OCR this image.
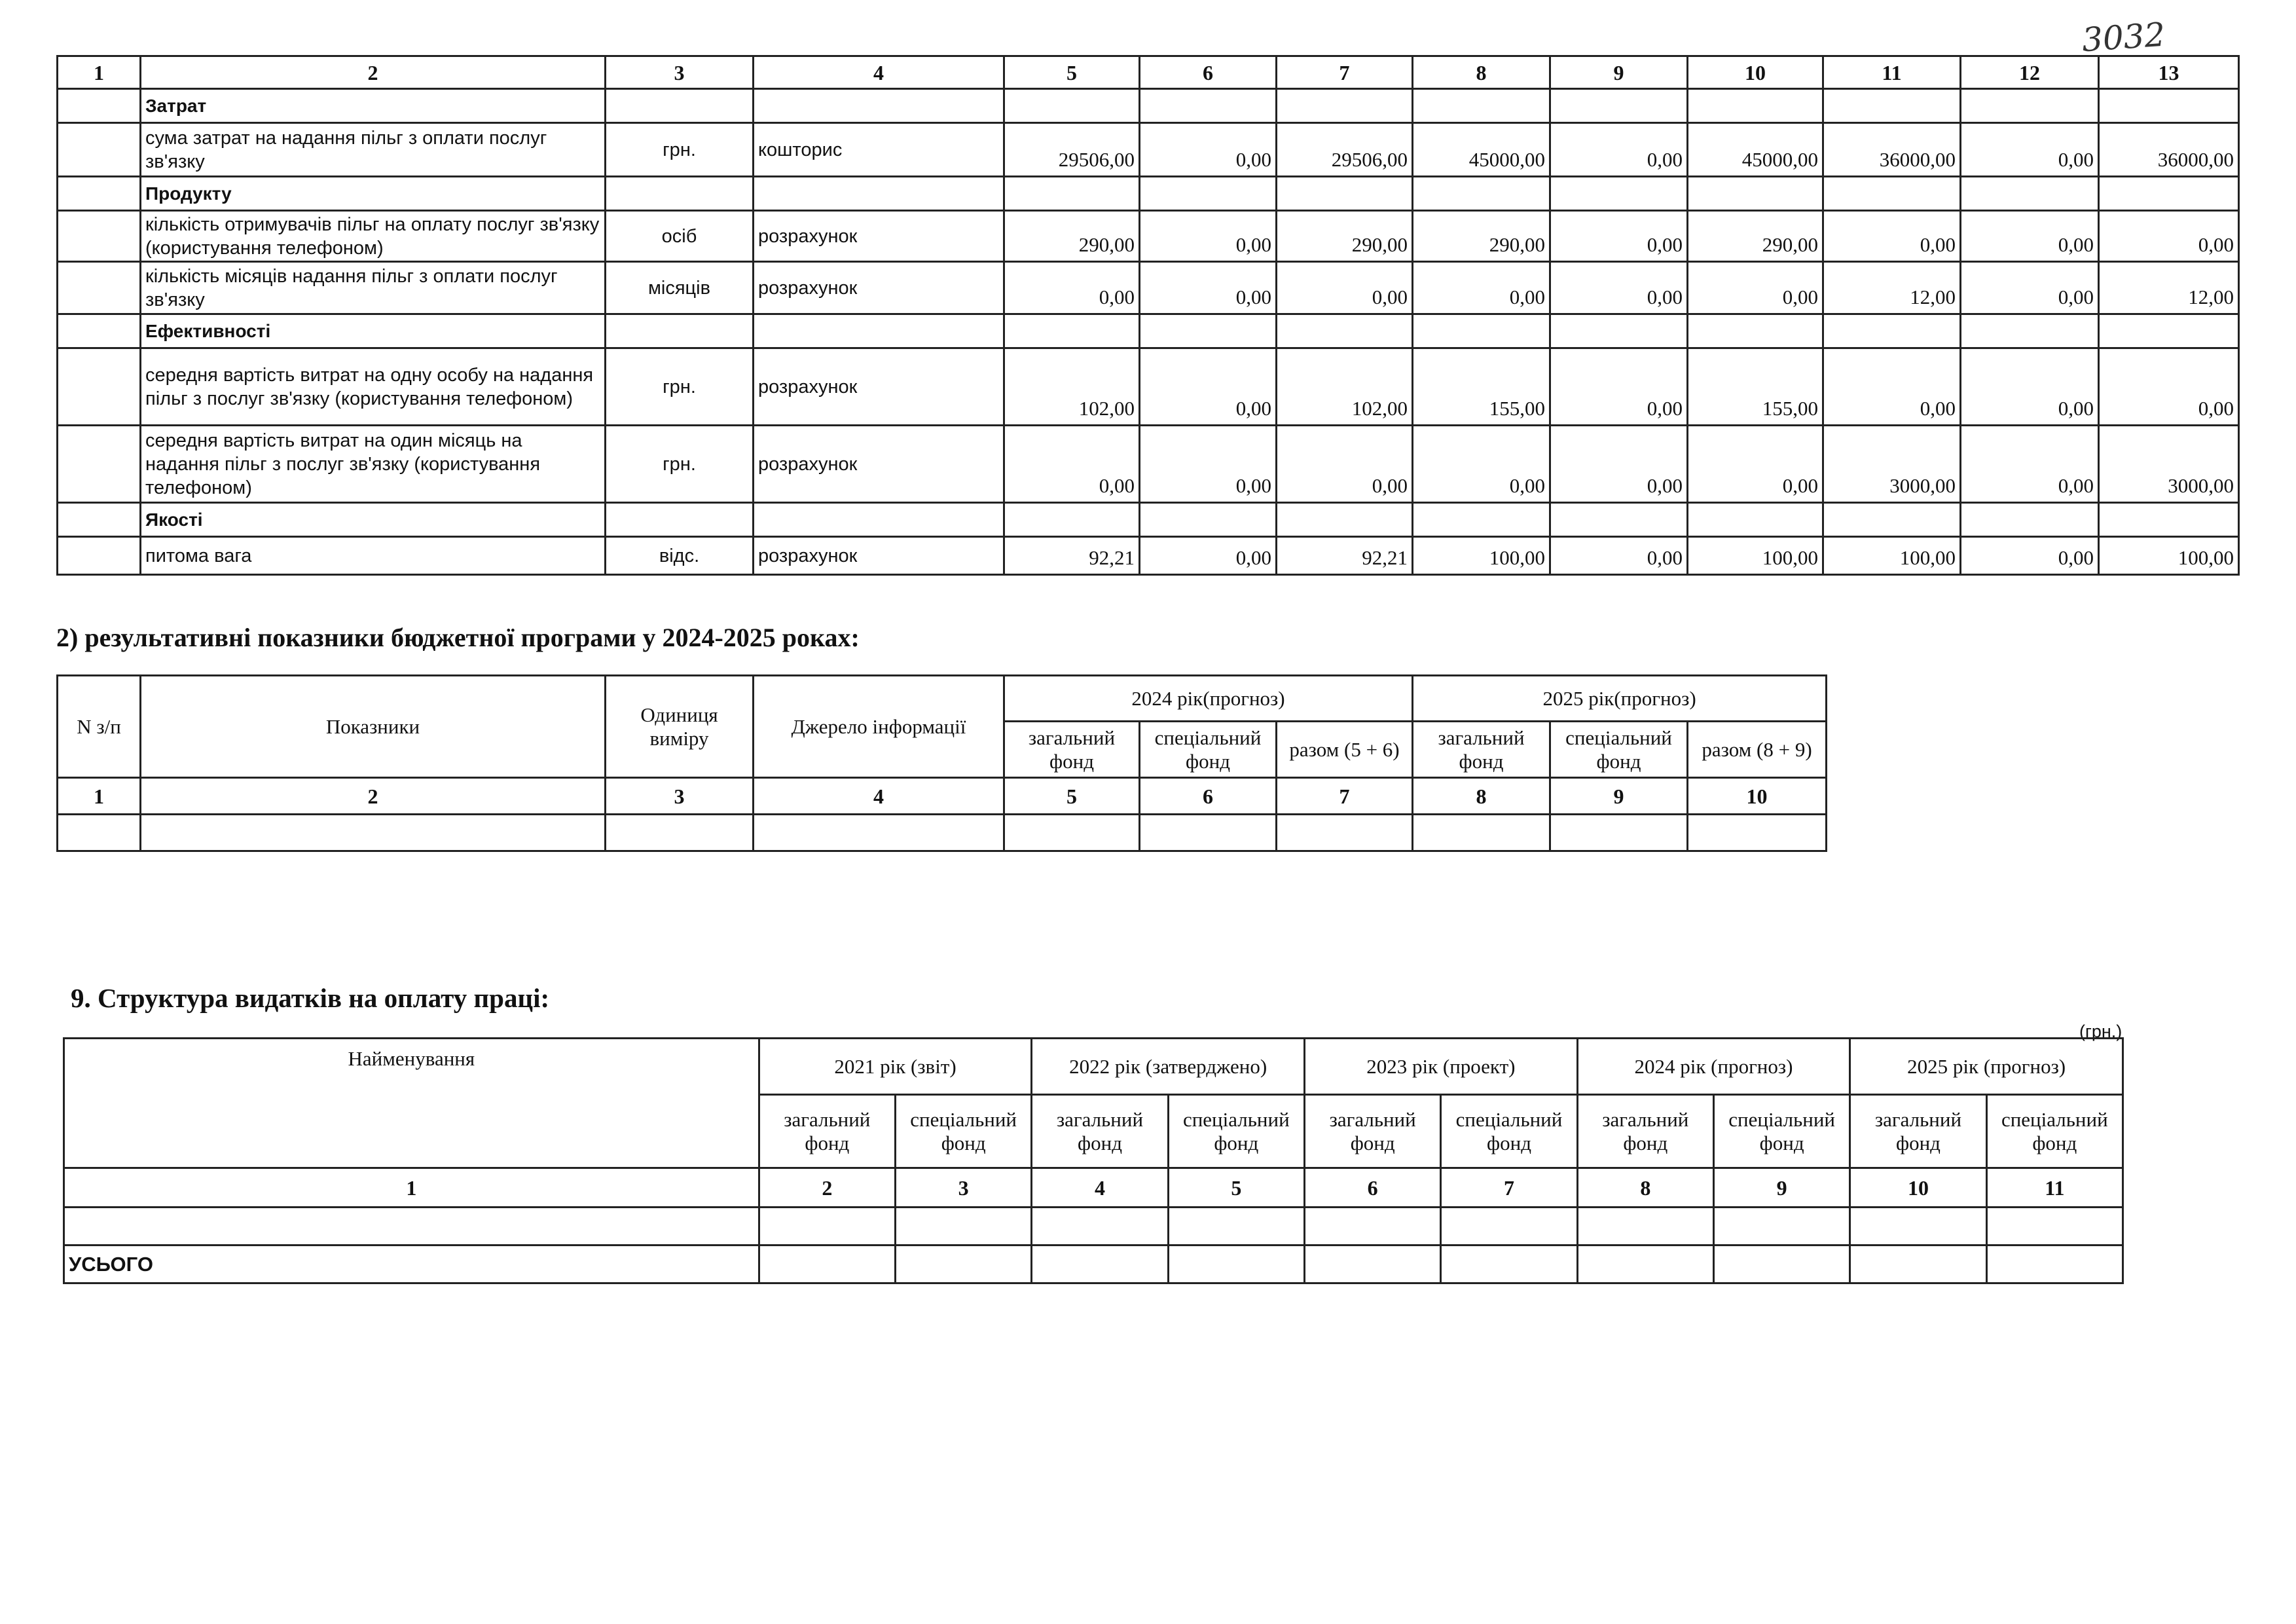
3032
1	2	3	4	5	6	7	8	9	10	11	12	13
	Затрат											
	сума затрат на надання пільг з оплати послуг зв'язку	грн.	кошторис	29506,00	0,00	29506,00	45000,00	0,00	45000,00	36000,00	0,00	36000,00
	Продукту											
	кількість отримувачів пільг на оплату послуг зв'язку (користування телефоном)	осіб	розрахунок	290,00	0,00	290,00	290,00	0,00	290,00	0,00	0,00	0,00
	кількість місяців надання пільг з оплати послуг зв'язку	місяців	розрахунок	0,00	0,00	0,00	0,00	0,00	0,00	12,00	0,00	12,00
	Ефективності											
	середня вартість витрат на одну особу на надання пільг з послуг зв'язку (користування телефоном)	грн.	розрахунок	102,00	0,00	102,00	155,00	0,00	155,00	0,00	0,00	0,00
	середня вартість витрат на один місяць на надання пільг з послуг зв'язку (користування телефоном)	грн.	розрахунок	0,00	0,00	0,00	0,00	0,00	0,00	3000,00	0,00	3000,00
	Якості											
	питома вага	відс.	розрахунок	92,21	0,00	92,21	100,00	0,00	100,00	100,00	0,00	100,00
2) результативні показники бюджетної програми у 2024-2025 роках:
N з/п	Показники	Одиниця виміру	Джерело інформації	2024 рік(прогноз)			2025 рік(прогноз)		
				загальний фонд	спеціальний фонд	разом (5 + 6)	загальний фонд	спеціальний фонд	разом (8 + 9)
1	2	3	4	5	6	7	8	9	10

9. Структура видатків на оплату праці:
(грн.)
Найменування	2021 рік (звіт)		2022 рік (затверджено)		2023 рік (проект)		2024 рік (прогноз)		2025 рік (прогноз)	
	загальний фонд	спеціальний фонд	загальний фонд	спеціальний фонд	загальний фонд	спеціальний фонд	загальний фонд	спеціальний фонд	загальний фонд	спеціальний фонд
1	2	3	4	5	6	7	8	9	10	11

УСЬОГО										
